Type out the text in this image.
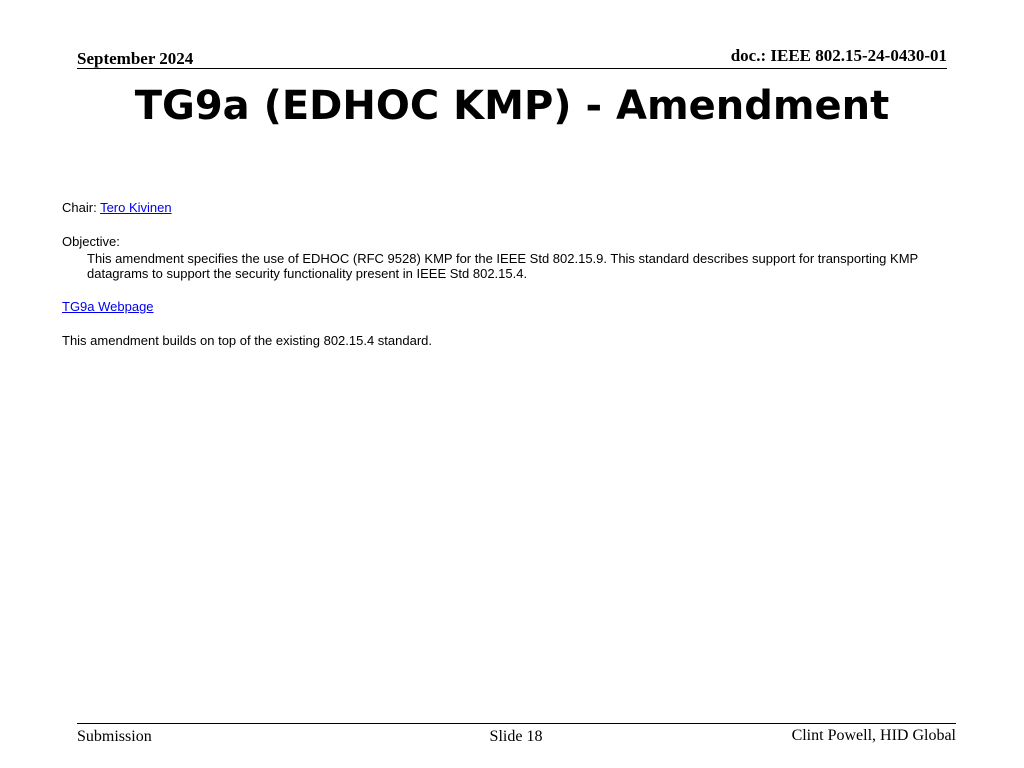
September 2024	doc.: IEEE 802.15-24-0430-01
TG9a (EDHOC KMP) - Amendment
Chair: Tero Kivinen
Objective:
This amendment specifies the use of EDHOC (RFC 9528) KMP for the IEEE Std 802.15.9. This standard describes support for transporting KMP datagrams to support the security functionality present in IEEE Std 802.15.4.
TG9a Webpage
This amendment builds on top of the existing 802.15.4 standard.
Submission	Slide 18	Clint Powell, HID Global
